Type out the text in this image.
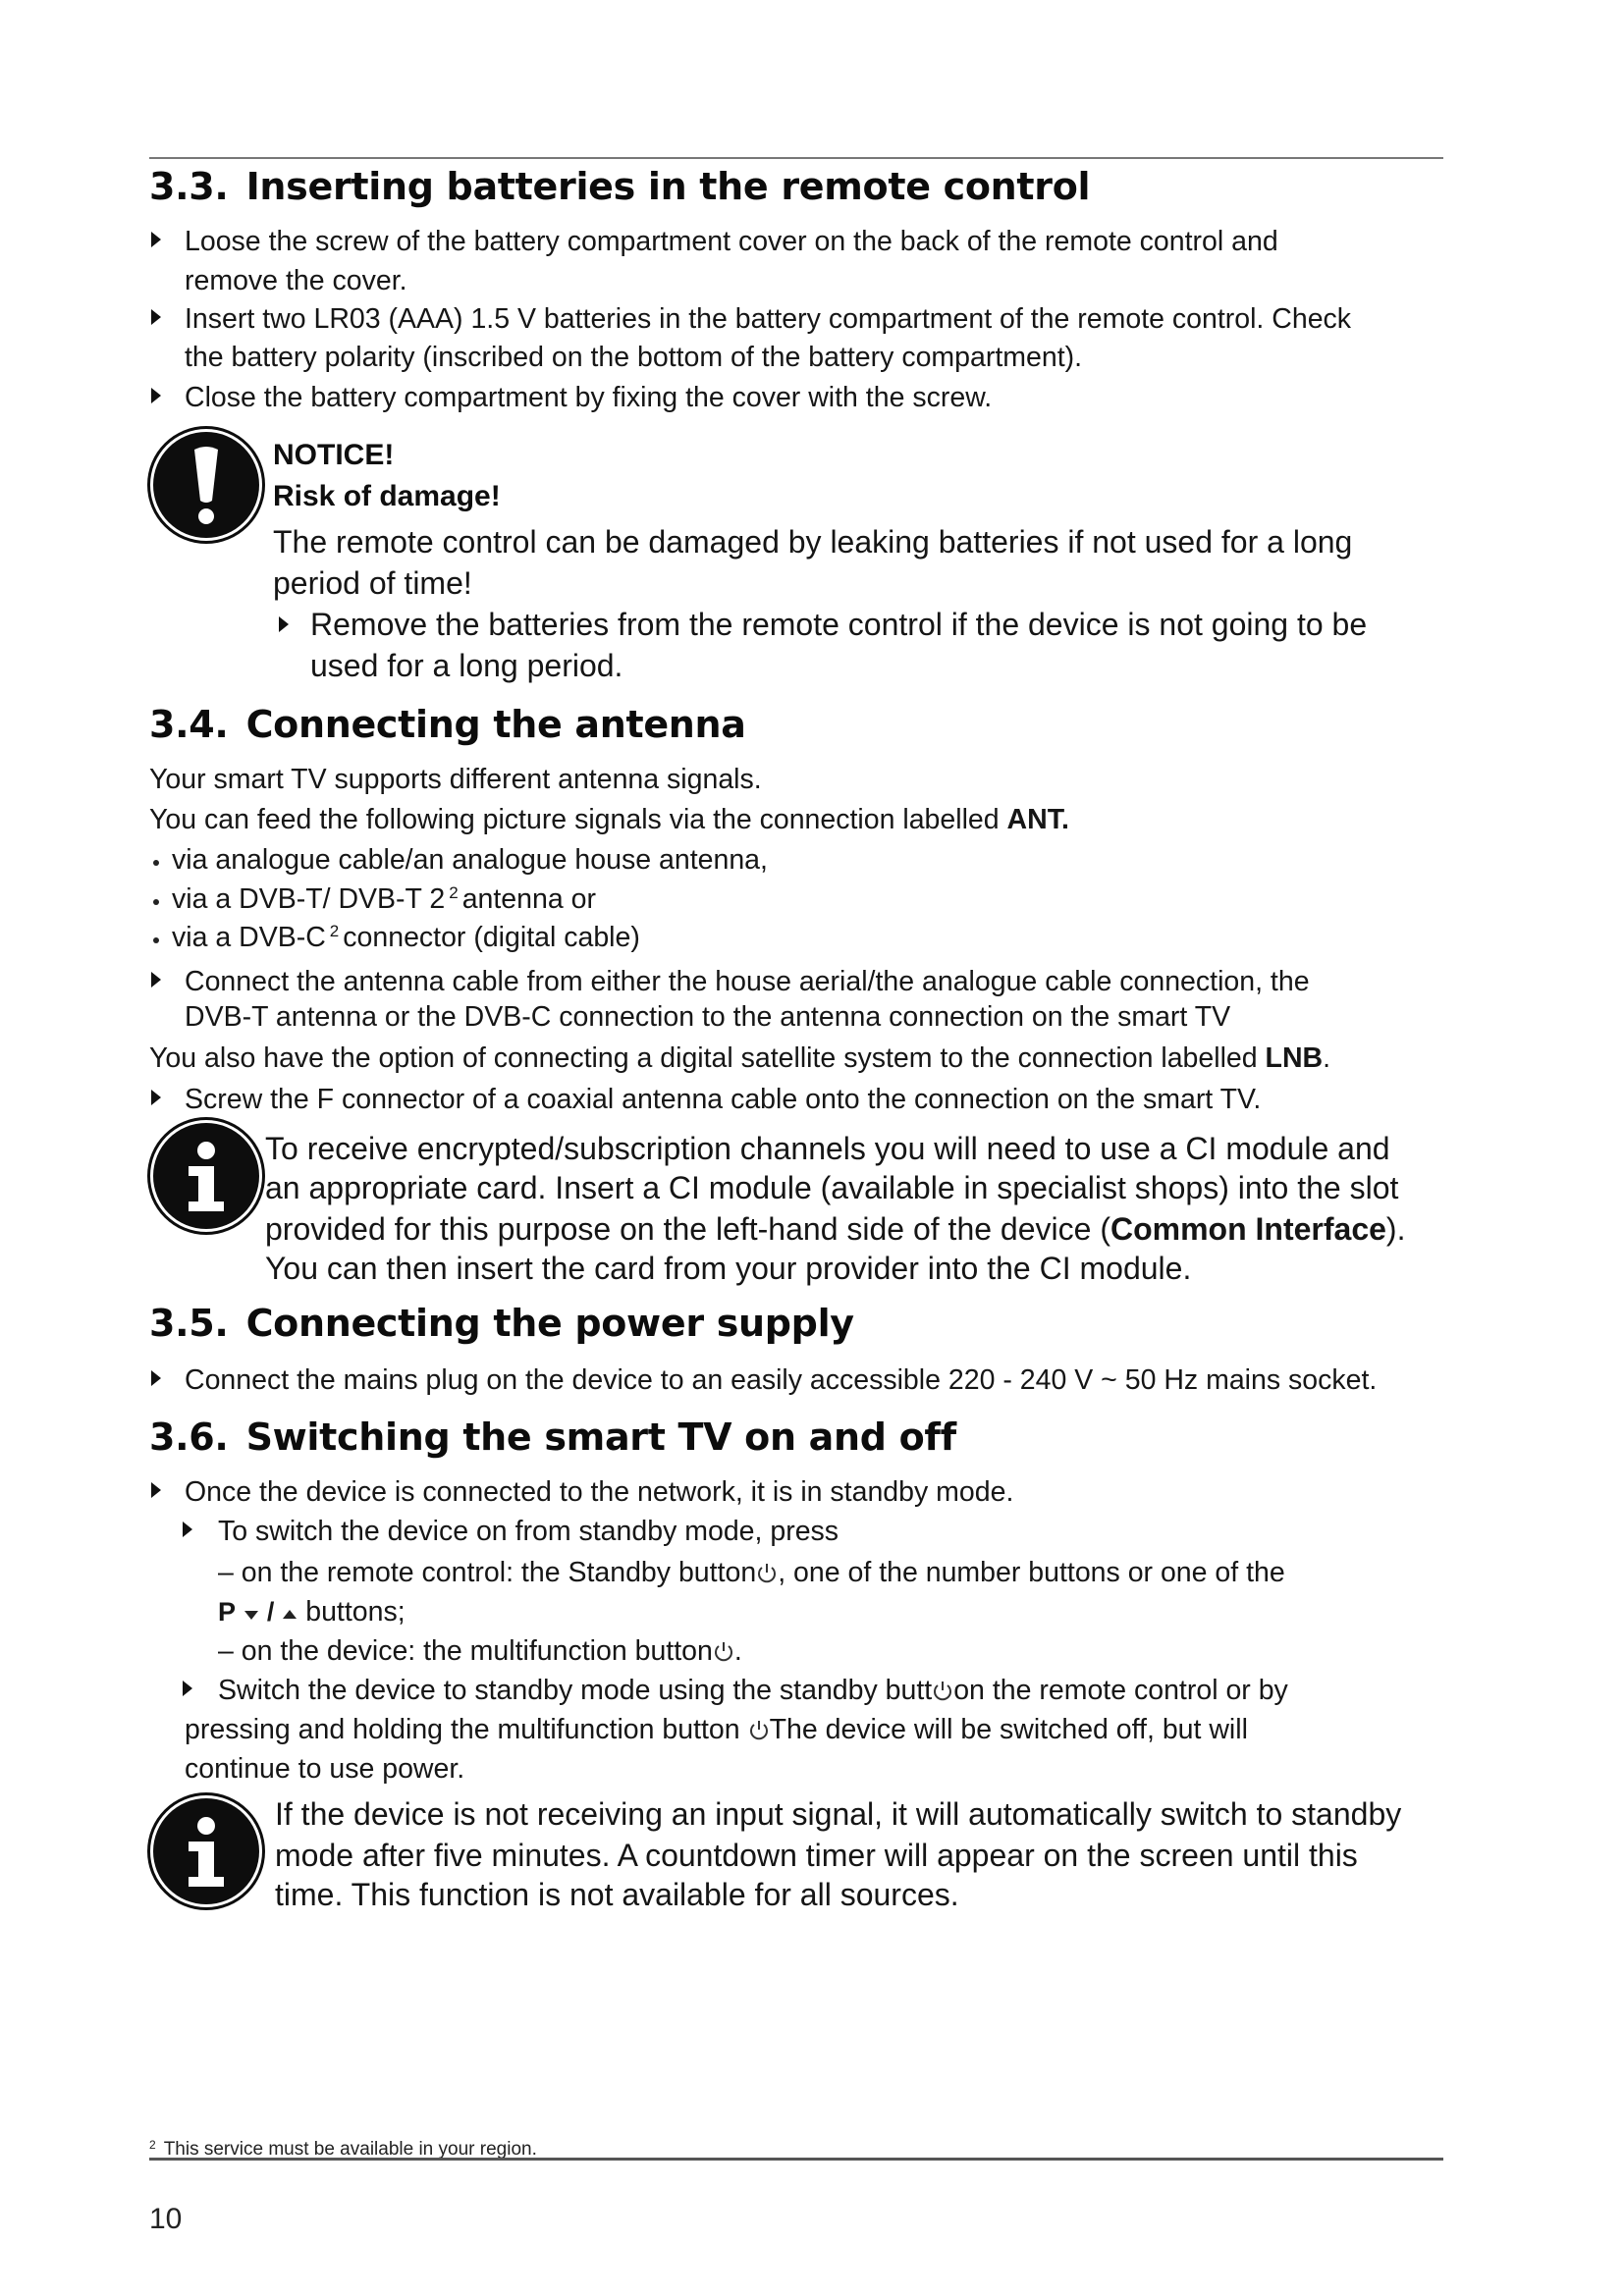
3.3. Inserting batteries in the remote control

Loose the screw of the battery compartment cover on the back of the remote control and

remove the cover.

Insert two LR03 (AAA) 1.5 V batteries in the battery compartment of the remote control. Check

the battery polarity (inscribed on the bottom of the battery compartment).

Close the battery compartment by fixing the cover with the screw.

NOTICE!

Risk of damage!

The remote control can be damaged by leaking batteries if not used for a long

period of time!

Remove the batteries from the remote control if the device is not going to be

used for a long period.

3.4. Connecting the antenna

Your smart TV supports different antenna signals.

You can feed the following picture signals via the connection labelled ANT.

via analogue cable/an analogue house antenna,

via a DVB-T/ DVB-T 2 $^2$ antenna or

via a DVB-C $^2$ connector (digital cable)

Connect the antenna cable from either the house aerial/the analogue cable connection, the

DVB-T antenna or the DVB-C connection to the antenna connection on the smart TV

You also have the option of connecting a digital satellite system to the connection labelled LNB.

Screw the F connector of a coaxial antenna cable onto the connection on the smart TV.

To receive encrypted/subscription channels you will need to use a CI module and

an appropriate card. Insert a CI module (available in specialist shops) into the slot

provided for this purpose on the left-hand side of the device (Common Interface).

You can then insert the card from your provider into the CI module.

3.5. Connecting the power supply

Connect the mains plug on the device to an easily accessible 220 - 240 V ~ 50 Hz mains socket.

3.6. Switching the smart TV on and off

Once the device is connected to the network, it is in standby mode.

To switch the device on from standby mode, press

– on the remote control: the Standby button , one of the number buttons or one of the

P / buttons;

– on the device: the multifunction button .

Switch the device to standby mode using the standby butt on the remote control or by

pressing and holding the multifunction button The device will be switched off, but will

continue to use power.

If the device is not receiving an input signal, it will automatically switch to standby

mode after five minutes. A countdown timer will appear on the screen until this

time. This function is not available for all sources.

$^2$ This service must be available in your region.

10
